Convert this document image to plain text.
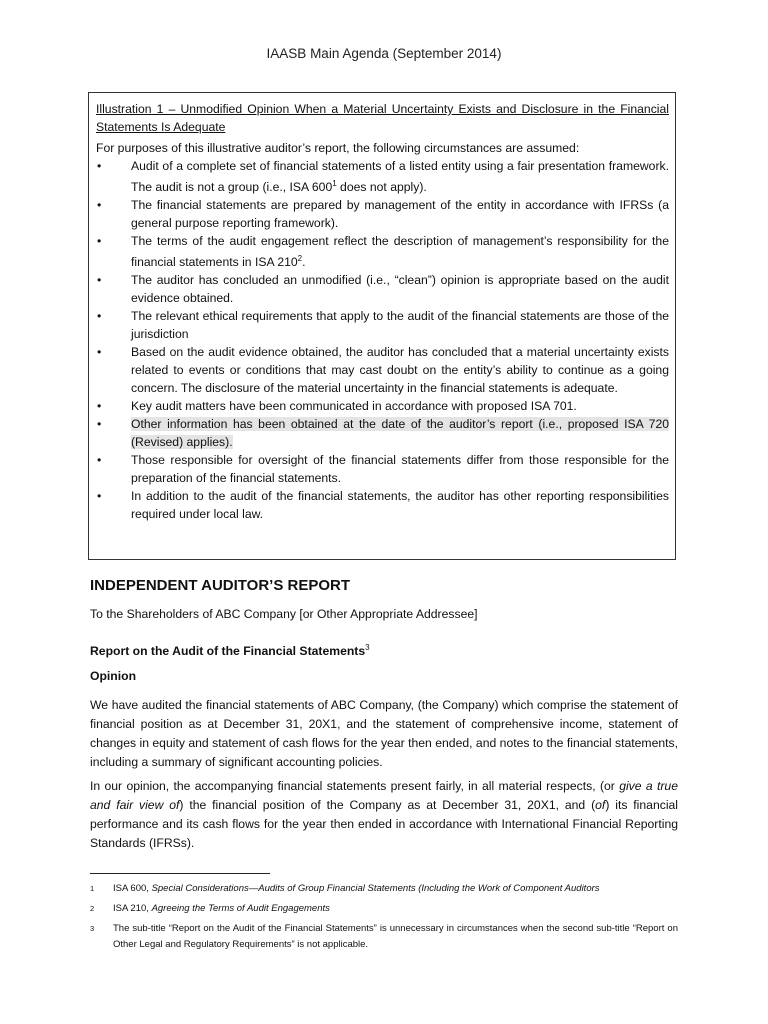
IAASB Main Agenda (September 2014)
Illustration 1 – Unmodified Opinion When a Material Uncertainty Exists and Disclosure in the Financial Statements Is Adequate
For purposes of this illustrative auditor’s report, the following circumstances are assumed:
• Audit of a complete set of financial statements of a listed entity using a fair presentation framework. The audit is not a group (i.e., ISA $600^1$ does not apply).
• The financial statements are prepared by management of the entity in accordance with IFRSs (a general purpose reporting framework).
• The terms of the audit engagement reflect the description of management’s responsibility for the financial statements in ISA $210^2$.
• The auditor has concluded an unmodified (i.e., “clean”) opinion is appropriate based on the audit evidence obtained.
• The relevant ethical requirements that apply to the audit of the financial statements are those of the jurisdiction
• Based on the audit evidence obtained, the auditor has concluded that a material uncertainty exists related to events or conditions that may cast doubt on the entity’s ability to continue as a going concern. The disclosure of the material uncertainty in the financial statements is adequate.
• Key audit matters have been communicated in accordance with proposed ISA 701.
• Other information has been obtained at the date of the auditor’s report (i.e., proposed ISA 720 (Revised) applies).
• Those responsible for oversight of the financial statements differ from those responsible for the preparation of the financial statements.
• In addition to the audit of the financial statements, the auditor has other reporting responsibilities required under local law.
INDEPENDENT AUDITOR’S REPORT
To the Shareholders of ABC Company [or Other Appropriate Addressee]
Report on the Audit of the Financial Statements$^3$
Opinion
We have audited the financial statements of ABC Company, (the Company) which comprise the statement of financial position as at December 31, 20X1, and the statement of comprehensive income, statement of changes in equity and statement of cash flows for the year then ended, and notes to the financial statements, including a summary of significant accounting policies.
In our opinion, the accompanying financial statements present fairly, in all material respects, (or give a true and fair view of) the financial position of the Company as at December 31, 20X1, and (of) its financial performance and its cash flows for the year then ended in accordance with International Financial Reporting Standards (IFRSs).
1 ISA 600, Special Considerations—Audits of Group Financial Statements (Including the Work of Component Auditors
2 ISA 210, Agreeing the Terms of Audit Engagements
3 The sub-title “Report on the Audit of the Financial Statements” is unnecessary in circumstances when the second sub-title “Report on Other Legal and Regulatory Requirements” is not applicable.
